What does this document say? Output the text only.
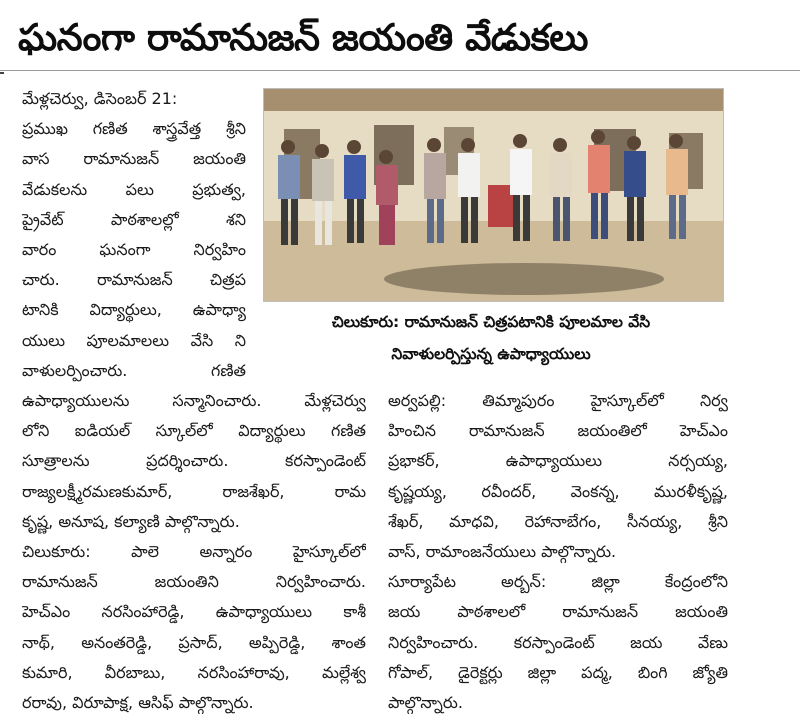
ఘనంగా రామానుజన్ జయంతి వేడుకలు
మేళ్లచెర్వు, డిసెంబర్ 21:
ప్రముఖ గణిత శాస్త్రవేత్త శ్రీని
వాస రామానుజన్ జయంతి
వేడుకలను పలు ప్రభుత్వ,
ప్రైవేట్ పాఠశాలల్లో శని
వారం ఘనంగా నిర్వహిం
చారు. రామానుజన్ చిత్రప
టానికి విద్యార్థులు, ఉపాధ్యా
యులు పూలమాలలు వేసి ని
వాళులర్పించారు. గణిత
చిలుకూరు: రామానుజన్ చిత్రపటానికి పూలమాల వేసి
నివాళులర్పిస్తున్న ఉపాధ్యాయులు
ఉపాధ్యాయులను సన్మానించారు. మేళ్లచెర్వు
లోని ఐడియల్ స్కూల్‌లో విద్యార్థులు గణిత
సూత్రాలను ప్రదర్శించారు. కరస్పాండెంట్
రాజ్యలక్ష్మీరమణకుమార్, రాజశేఖర్, రామ
కృష్ణ, అనూష, కల్యాణి పాల్గొన్నారు.
చిలుకూరు: పాలె అన్నారం హైస్కూల్‌లో
రామానుజన్ జయంతిని నిర్వహించారు.
హెచ్ఎం నరసింహారెడ్డి, ఉపాధ్యాయులు కాశీ
నాథ్, అనంతరెడ్డి, ప్రసాద్, అప్పిరెడ్డి, శాంత
కుమారి, వీరబాబు, నరసింహారావు, మల్లేశ్వ
రరావు, విరూపాక్ష, ఆసిఫ్ పాల్గొన్నారు.
అర్వపల్లి: తిమ్మాపురం హైస్కూల్‌లో నిర్వ
హించిన రామానుజన్ జయంతిలో హెచ్ఎం
ప్రభాకర్, ఉపాధ్యాయులు నర్సయ్య,
కృష్ణయ్య, రవీందర్, వెంకన్న, మురళీకృష్ణ,
శేఖర్, మాధవి, రెహానాబేగం, సీనయ్య, శ్రీని
వాస్, రామాంజనేయులు పాల్గొన్నారు.
సూర్యాపేట అర్బన్: జిల్లా కేంద్రంలోని
జయ పాఠశాలలో రామానుజన్ జయంతి
నిర్వహించారు. కరస్పాండెంట్ జయ వేణు
గోపాల్, డైరెక్టర్లు జిల్లా పద్మ, బింగి జ్యోతి
పాల్గొన్నారు.
